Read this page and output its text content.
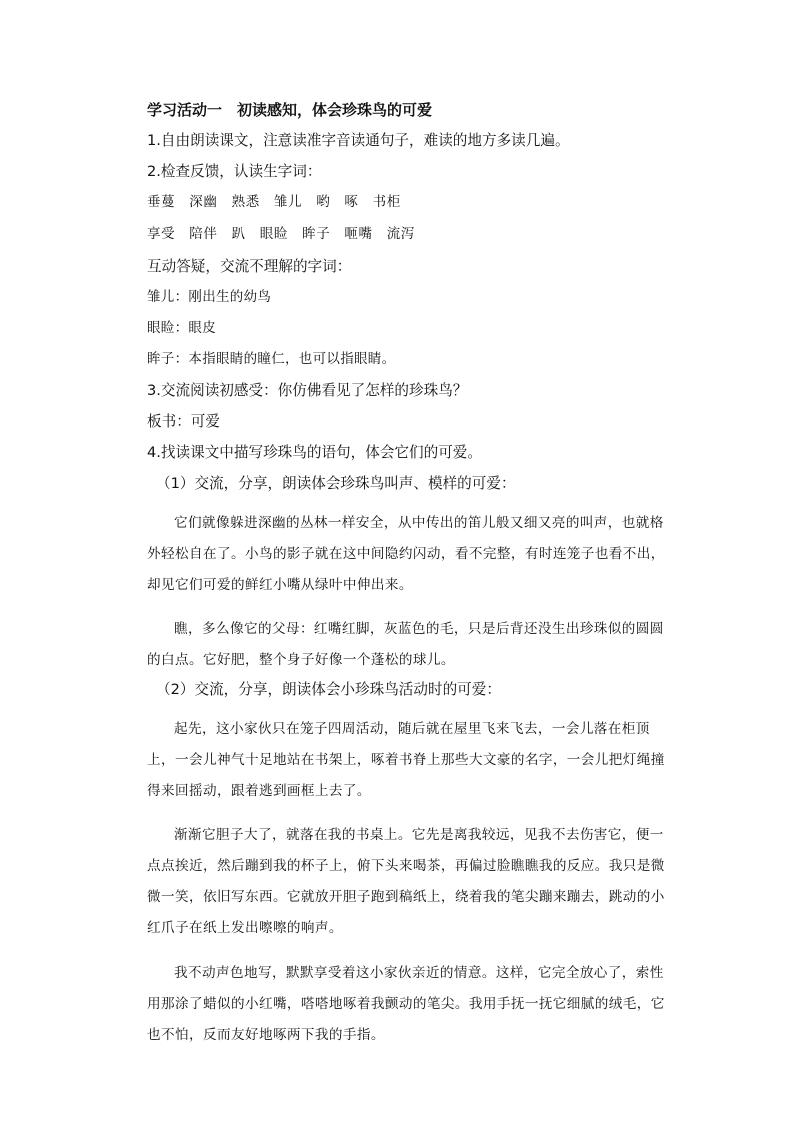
学习活动一　初读感知，体会珍珠鸟的可爱

1.自由朗读课文，注意读准字音读通句子，难读的地方多读几遍。

2.检查反馈，认读生字词：

垂蔓　深幽　熟悉　雏儿　哟　啄　书柜

享受　陪伴　趴　眼睑　眸子　咂嘴　流泻

互动答疑，交流不理解的字词：

雏儿：刚出生的幼鸟

眼睑：眼皮

眸子：本指眼睛的瞳仁，也可以指眼睛。

3.交流阅读初感受：你仿佛看见了怎样的珍珠鸟？

板书：可爱

4.找读课文中描写珍珠鸟的语句，体会它们的可爱。

（1）交流，分享，朗读体会珍珠鸟叫声、模样的可爱：

它们就像躲进深幽的丛林一样安全，从中传出的笛儿般又细又亮的叫声，也就格外轻松自在了。小鸟的影子就在这中间隐约闪动，看不完整，有时连笼子也看不出，却见它们可爱的鲜红小嘴从绿叶中伸出来。

瞧，多么像它的父母：红嘴红脚，灰蓝色的毛，只是后背还没生出珍珠似的圆圆的白点。它好肥，整个身子好像一个蓬松的球儿。

（2）交流，分享，朗读体会小珍珠鸟活动时的可爱：

起先，这小家伙只在笼子四周活动，随后就在屋里飞来飞去，一会儿落在柜顶上，一会儿神气十足地站在书架上，啄着书脊上那些大文豪的名字，一会儿把灯绳撞得来回摇动，跟着逃到画框上去了。

渐渐它胆子大了，就落在我的书桌上。它先是离我较远，见我不去伤害它，便一点点挨近，然后蹦到我的杯子上，俯下头来喝茶，再偏过脸瞧瞧我的反应。我只是微微一笑，依旧写东西。它就放开胆子跑到稿纸上，绕着我的笔尖蹦来蹦去，跳动的小红爪子在纸上发出嚓嚓的响声。

我不动声色地写，默默享受着这小家伙亲近的情意。这样，它完全放心了，索性用那涂了蜡似的小红嘴，嗒嗒地啄着我颤动的笔尖。我用手抚一抚它细腻的绒毛，它也不怕，反而友好地啄两下我的手指。
